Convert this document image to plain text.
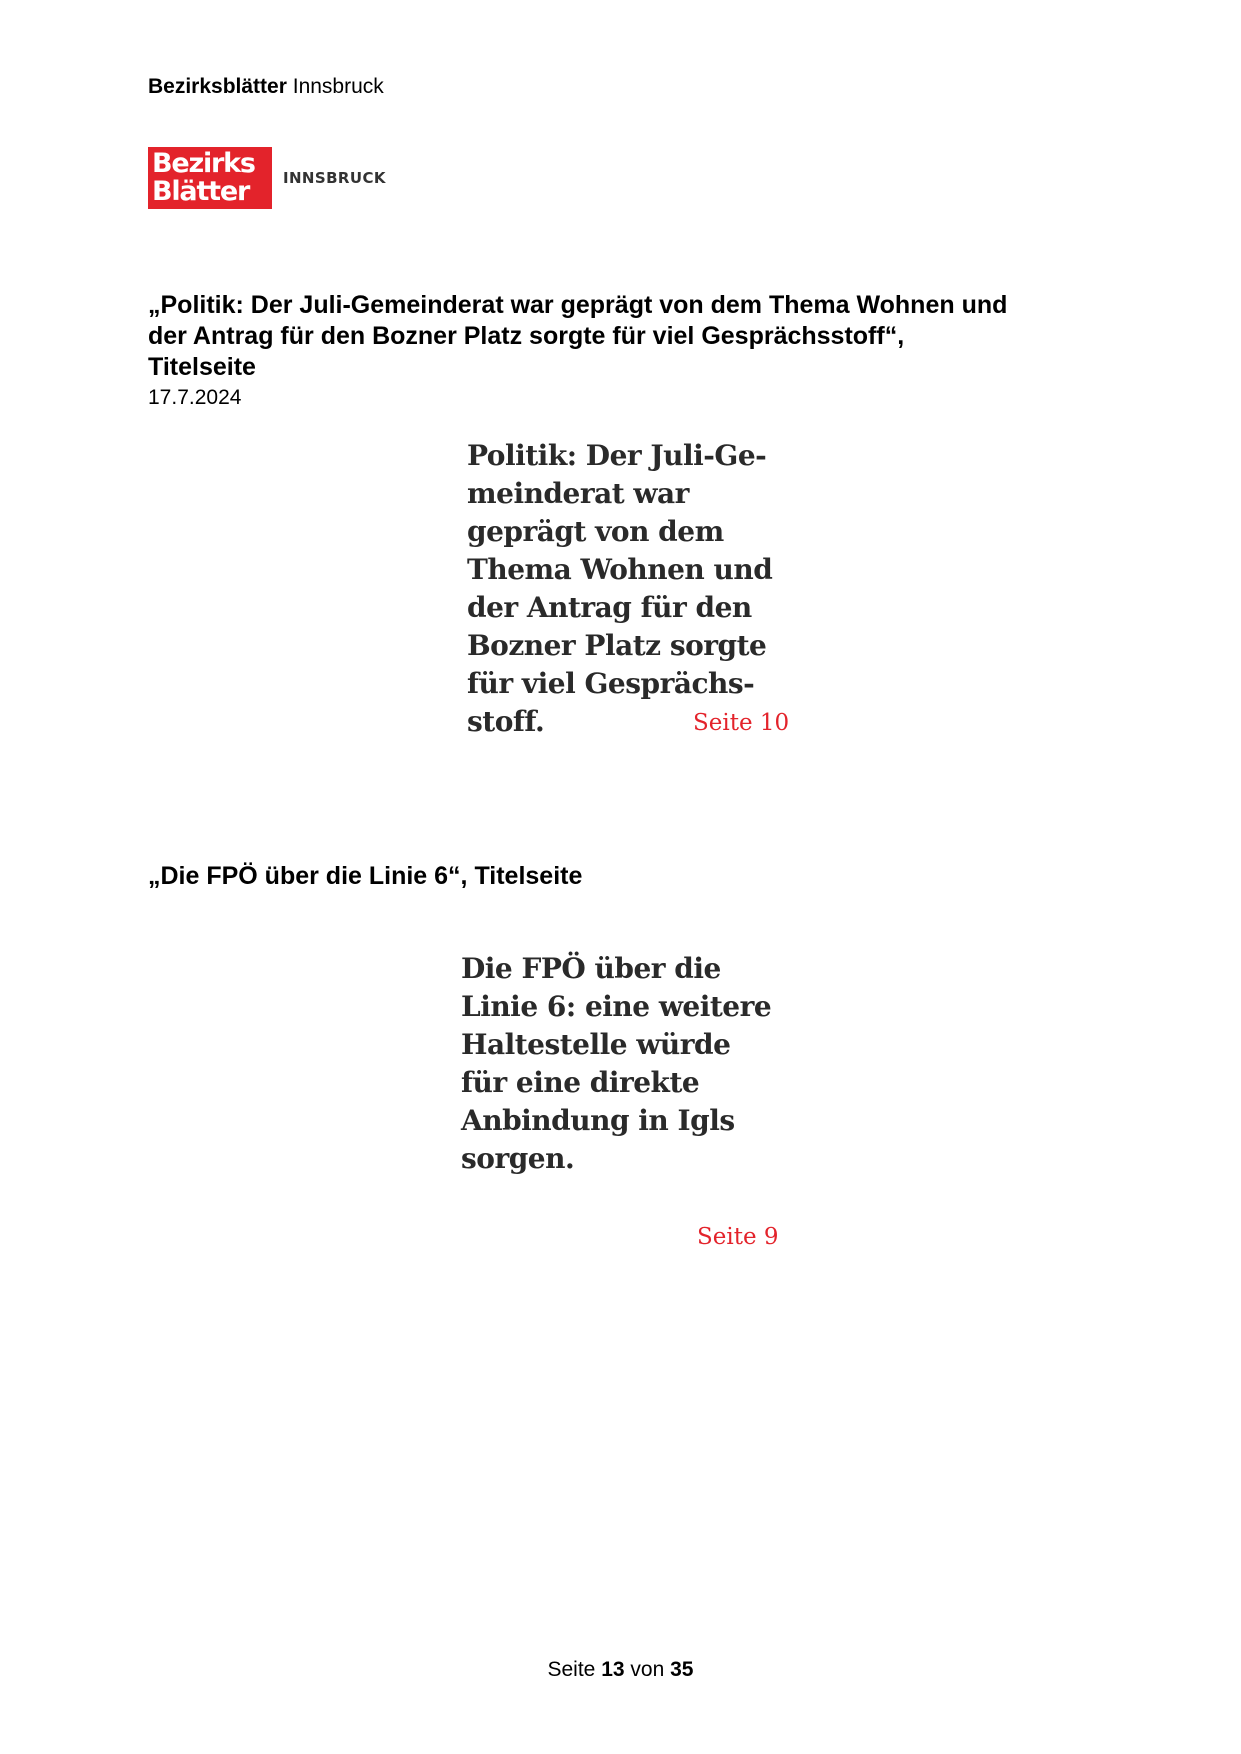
Bezirksblätter Innsbruck
Bezirks
Blätter	INNSBRUCK
„Politik: Der Juli-Gemeinderat war geprägt von dem Thema Wohnen und
der Antrag für den Bozner Platz sorgte für viel Gesprächsstoff“,
Titelseite
17.7.2024
Politik: Der Juli-Ge-
meinderat war
geprägt von dem
Thema Wohnen und
der Antrag für den
Bozner Platz sorgte
für viel Gesprächs-
stoff.	Seite 10
„Die FPÖ über die Linie 6“, Titelseite
Die FPÖ über die
Linie 6: eine weitere
Haltestelle würde
für eine direkte
Anbindung in Igls
sorgen.
Seite 9
Seite 13 von 35
